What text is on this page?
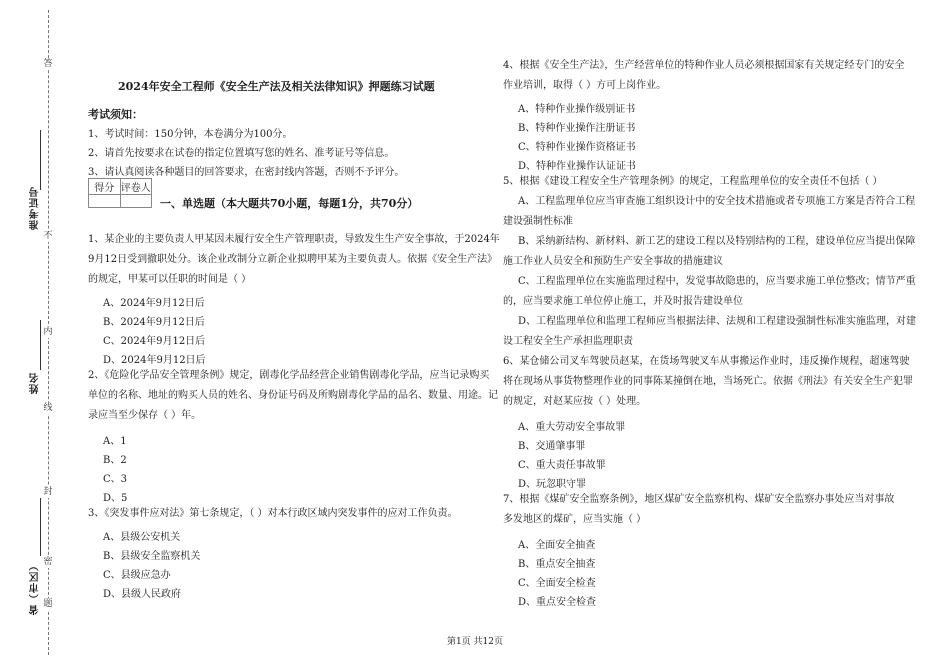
答
题
不
内
线
封
密
准考证号
姓名
省（市区）
2024年安全工程师《安全生产法及相关法律知识》押题练习试题
考试须知：
1、考试时间：150分钟，本卷满分为100分。
2、请首先按要求在试卷的指定位置填写您的姓名、准考证号等信息。
3、请认真阅读各种题目的回答要求，在密封线内答题，否则不予评分。
得分	评卷人

一、单选题（本大题共70小题，每题1分，共70分）
1、某企业的主要负责人甲某因未履行安全生产管理职责，导致发生生产安全事故，于2024年
9月12日受到撤职处分。该企业改制分立新企业拟聘甲某为主要负责人。依据《安全生产法》
的规定，甲某可以任职的时间是（ ）
A、2024年9月12日后
B、2024年9月12日后
C、2024年9月12日后
D、2024年9月12日后
2、《危险化学品安全管理条例》规定，剧毒化学品经营企业销售剧毒化学品，应当记录购买
单位的名称、地址的购买人员的姓名、身份证号码及所购剧毒化学品的品名、数量、用途。记
录应当至少保存（ ）年。
A、1
B、2
C、3
D、5
3、《突发事件应对法》第七条规定，（ ）对本行政区域内突发事件的应对工作负责。
A、县级公安机关
B、县级安全监察机关
C、县级应急办
D、县级人民政府
4、根据《安全生产法》，生产经营单位的特种作业人员必须根据国家有关规定经专门的安全
作业培训，取得（ ）方可上岗作业。
A、特种作业操作级别证书
B、特种作业操作注册证书
C、特种作业操作资格证书
D、特种作业操作认证证书
5、根据《建设工程安全生产管理条例》的规定，工程监理单位的安全责任不包括（ ）
A、工程监理单位应当审查施工组织设计中的安全技术措施或者专项施工方案是否符合工程
建设强制性标准
B、采纳新结构、新材料、新工艺的建设工程以及特别结构的工程，建设单位应当提出保障
施工作业人员安全和预防生产安全事故的措施建议
C、工程监理单位在实施监理过程中，发觉事故隐患的，应当要求施工单位整改；情节严重
的，应当要求施工单位停止施工，并及时报告建设单位
D、工程监理单位和监理工程师应当根据法律、法规和工程建设强制性标准实施监理，对建
设工程安全生产承担监理职责
6、某仓储公司叉车驾驶员赵某，在货场驾驶叉车从事搬运作业时，违反操作规程，超速驾驶
将在现场从事货物整理作业的同事陈某撞倒在地，当场死亡。依据《刑法》有关安全生产犯罪
的规定，对赵某应按（ ）处理。
A、重大劳动安全事故罪
B、交通肇事罪
C、重大责任事故罪
D、玩忽职守罪
7、根据《煤矿安全监察条例》，地区煤矿安全监察机构、煤矿安全监察办事处应当对事故
多发地区的煤矿，应当实施（ ）
A、全面安全抽查
B、重点安全抽查
C、全面安全检查
D、重点安全检查
第1页 共12页
